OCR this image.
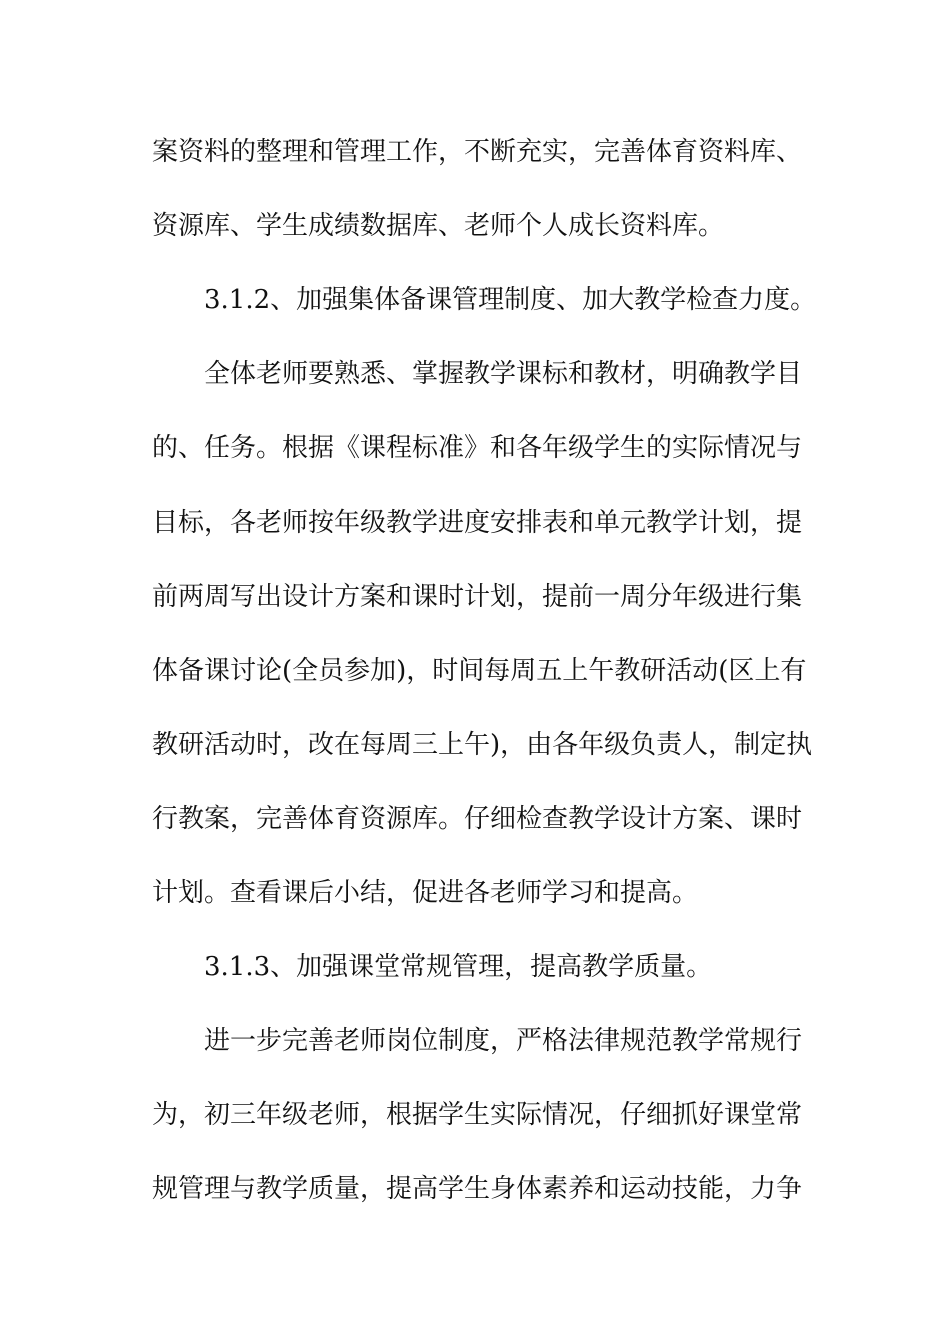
案资料的整理和管理工作，不断充实，完善体育资料库、
资源库、学生成绩数据库、老师个人成长资料库。
3.1.2、加强集体备课管理制度、加大教学检查力度。
全体老师要熟悉、掌握教学课标和教材，明确教学目
的、任务。根据《课程标准》和各年级学生的实际情况与
目标，各老师按年级教学进度安排表和单元教学计划，提
前两周写出设计方案和课时计划，提前一周分年级进行集
体备课讨论(全员参加)，时间每周五上午教研活动(区上有
教研活动时，改在每周三上午)，由各年级负责人，制定执
行教案，完善体育资源库。仔细检查教学设计方案、课时
计划。查看课后小结，促进各老师学习和提高。
3.1.3、加强课堂常规管理，提高教学质量。
进一步完善老师岗位制度，严格法律规范教学常规行
为，初三年级老师，根据学生实际情况，仔细抓好课堂常
规管理与教学质量，提高学生身体素养和运动技能，力争
